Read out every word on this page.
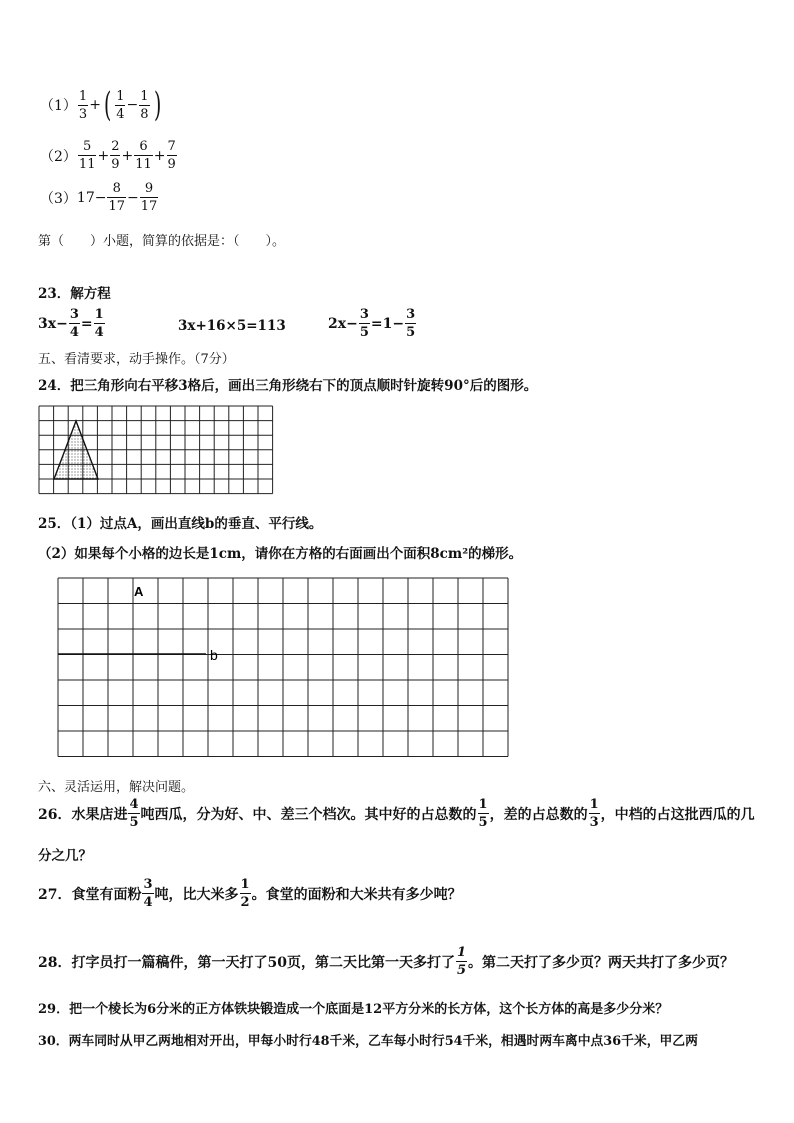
$(1) \frac{1}{3}$ +( $\frac{1}{4} - \frac{1}{8}$ )
$(2) \frac{5}{11} + \frac{2}{9} + \frac{6}{11} + \frac{7}{9}$
$(3)17- \frac{8}{17} - \frac{9}{17}$
第（　　）小题，简算的依据是：（　　）。
23．解方程
$3x- \frac{3}{4} = \frac{1}{4}$	3x+16×5=113	$2x- \frac{3}{5} =1- \frac{3}{5}$
五、看清要求，动手操作。（7分）
24．把三角形向右平移3格后，画出三角形绕右下的顶点顺时针旋转90°后的图形。
25．（1）过点A，画出直线b的垂直、平行线。
（2）如果每个小格的边长是1cm，请你在方格的右面画出个面积8cm²的梯形。
A
b
六、灵活运用，解决问题。
26．水果店进 $\frac{4}{5}$ 吨西瓜，分为好、中、差三个档次。其中好的占总数的 $\frac{1}{5}$ ，差的占总数的 $\frac{1}{3}$ ，中档的占这批西瓜的几
分之几？
27．食堂有面粉 $\frac{3}{4}$ 吨，比大米多 $\frac{1}{2}$ 。食堂的面粉和大米共有多少吨？
28．打字员打一篇稿件，第一天打了50页，第二天比第一天多打了 $\frac{1}{5}$ 。第二天打了多少页？两天共打了多少页？
29．把一个棱长为6分米的正方体铁块锻造成一个底面是12平方分米的长方体，这个长方体的高是多少分米？
30．两车同时从甲乙两地相对开出，甲每小时行48千米，乙车每小时行54千米，相遇时两车离中点36千米，甲乙两
